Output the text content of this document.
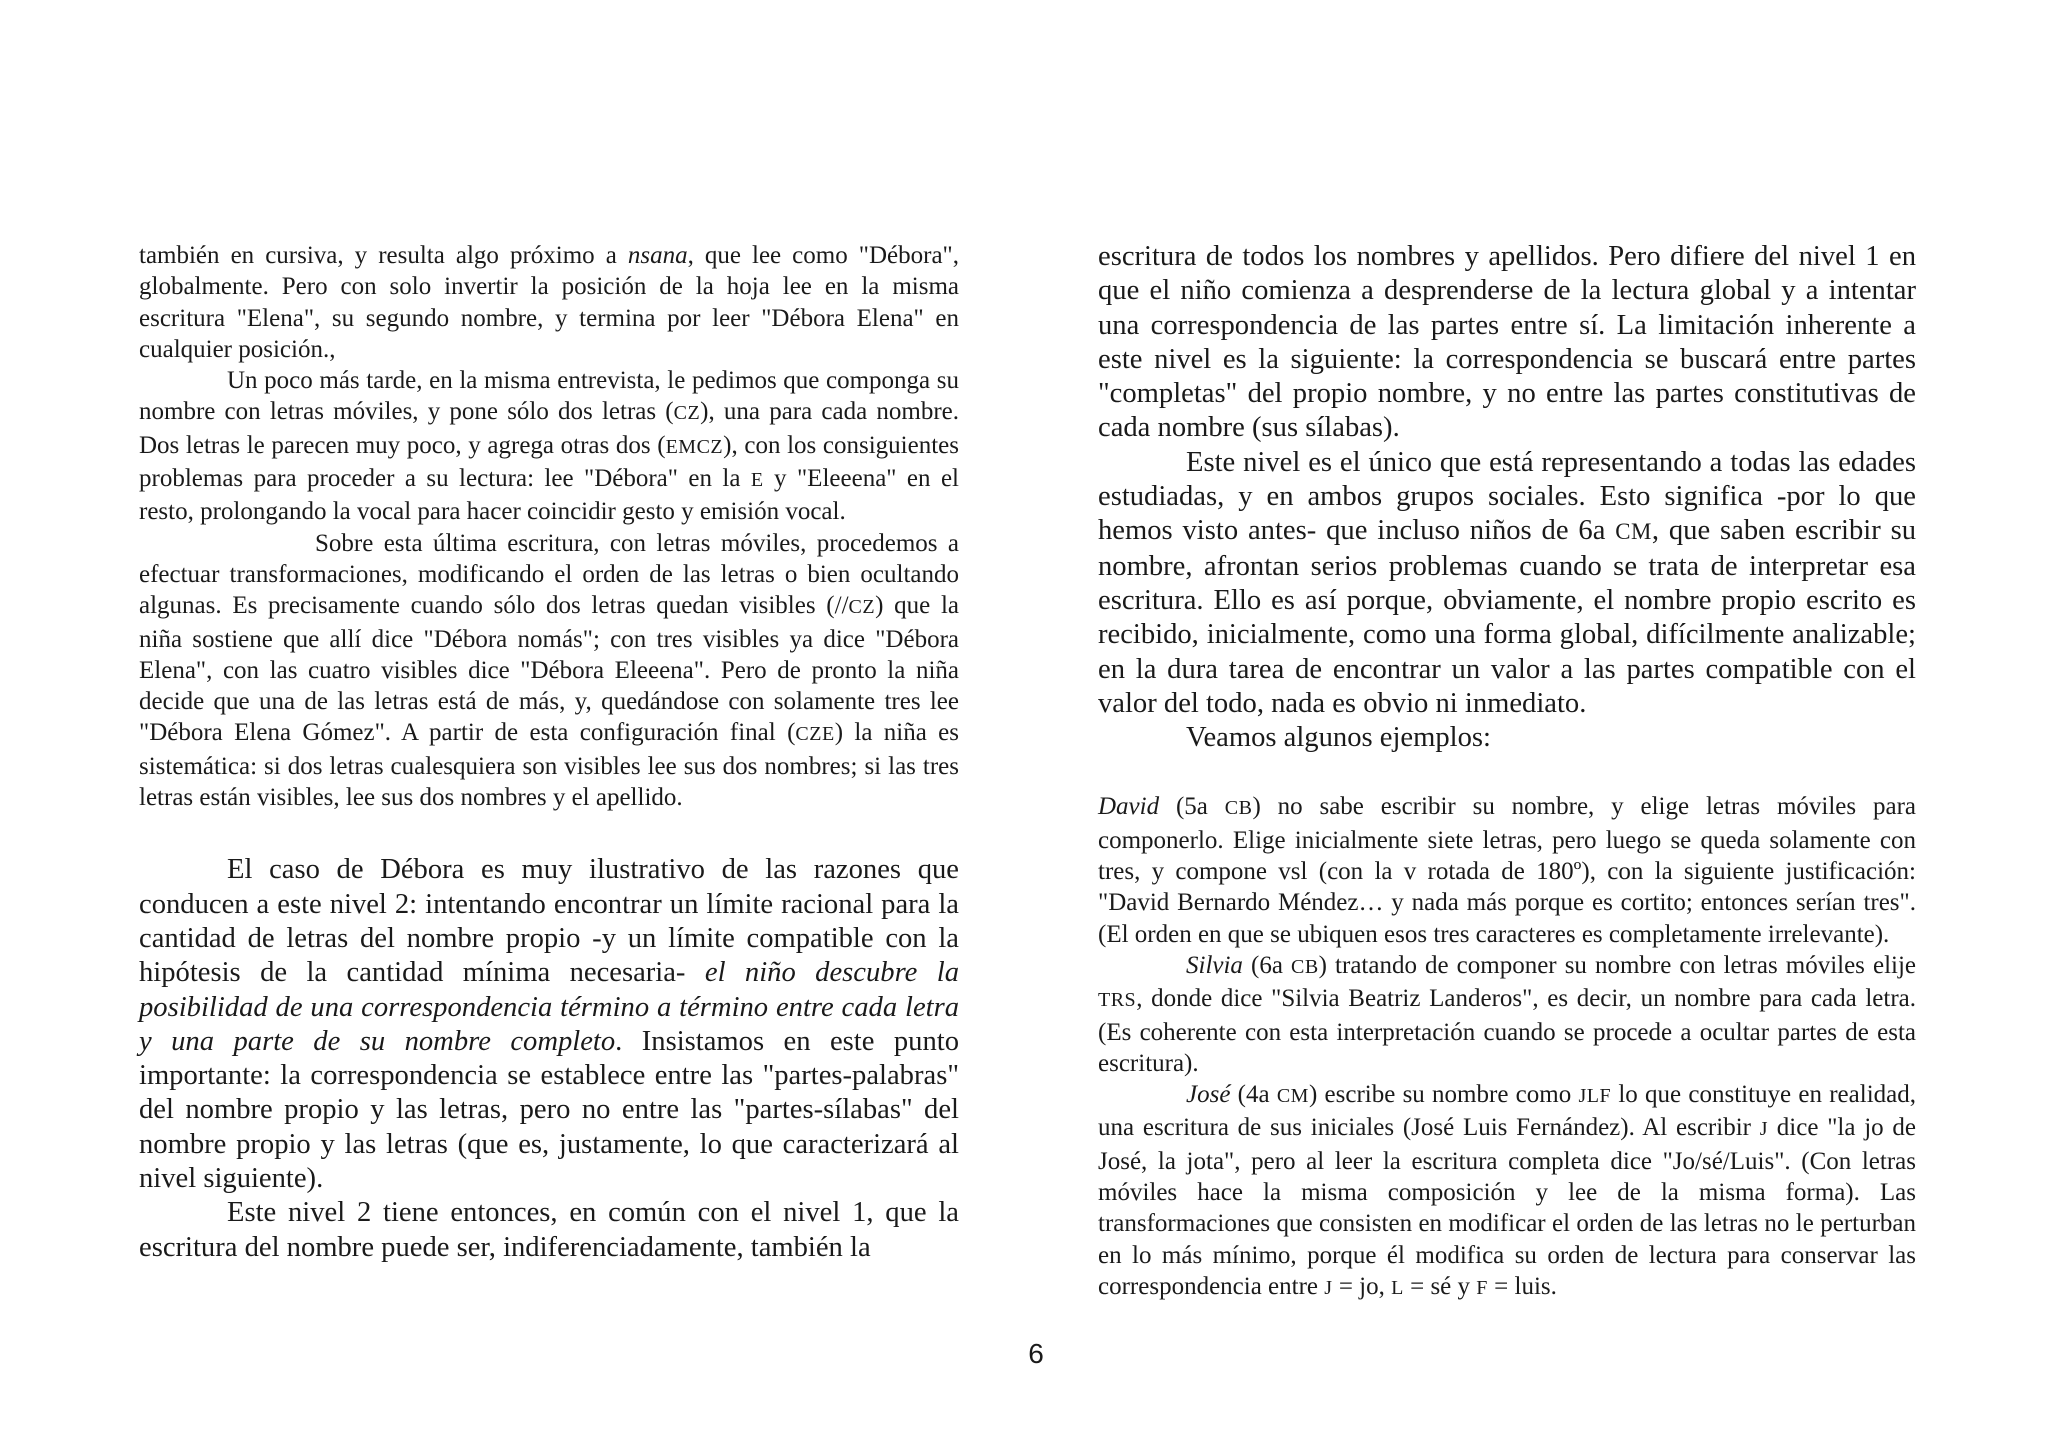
también en cursiva, y resulta algo próximo a nsana, que lee como "Débora", globalmente. Pero con solo invertir la posición de la hoja lee en la misma escritura "Elena", su segundo nombre, y termina por leer "Débora Elena" en cualquier posición.,

Un poco más tarde, en la misma entrevista, le pedimos que componga su nombre con letras móviles, y pone sólo dos letras (CZ), una para cada nombre. Dos letras le parecen muy poco, y agrega otras dos (EMCZ), con los consiguientes problemas para proceder a su lectura: lee "Débora" en la E y "Eleeena" en el resto, prolongando la vocal para hacer coincidir gesto y emisión vocal.

Sobre esta última escritura, con letras móviles, procedemos a efectuar transformaciones, modificando el orden de las letras o bien ocultando algunas. Es precisamente cuando sólo dos letras quedan visibles (//CZ) que la niña sostiene que allí dice "Débora nomás"; con tres visibles ya dice "Débora Elena", con las cuatro visibles dice "Débora Eleeena". Pero de pronto la niña decide que una de las letras está de más, y, quedándose con solamente tres lee "Débora Elena Gómez". A partir de esta configuración final (CZE) la niña es sistemática: si dos letras cualesquiera son visibles lee sus dos nombres; si las tres letras están visibles, lee sus dos nombres y el apellido.

El caso de Débora es muy ilustrativo de las razones que conducen a este nivel 2: intentando encontrar un límite racional para la cantidad de letras del nombre propio -y un límite compatible con la hipótesis de la cantidad mínima necesaria- el niño descubre la posibilidad de una correspondencia término a término entre cada letra y una parte de su nombre completo. Insistamos en este punto importante: la correspondencia se establece entre las "partes-palabras" del nombre propio y las letras, pero no entre las "partes-sílabas" del nombre propio y las letras (que es, justamente, lo que caracterizará al nivel siguiente).

Este nivel 2 tiene entonces, en común con el nivel 1, que la escritura del nombre puede ser, indiferenciadamente, también la

escritura de todos los nombres y apellidos. Pero difiere del nivel 1 en que el niño comienza a desprenderse de la lectura global y a intentar una correspondencia de las partes entre sí. La limitación inherente a este nivel es la siguiente: la correspondencia se buscará entre partes "completas" del propio nombre, y no entre las partes constitutivas de cada nombre (sus sílabas).

Este nivel es el único que está representando a todas las edades estudiadas, y en ambos grupos sociales. Esto significa -por lo que hemos visto antes- que incluso niños de 6a CM, que saben escribir su nombre, afrontan serios problemas cuando se trata de interpretar esa escritura. Ello es así porque, obviamente, el nombre propio escrito es recibido, inicialmente, como una forma global, difícilmente analizable; en la dura tarea de encontrar un valor a las partes compatible con el valor del todo, nada es obvio ni inmediato.

Veamos algunos ejemplos:

David (5a CB) no sabe escribir su nombre, y elige letras móviles para componerlo. Elige inicialmente siete letras, pero luego se queda solamente con tres, y compone vsl (con la v rotada de 180º), con la siguiente justificación: "David Bernardo Méndez… y nada más porque es cortito; entonces serían tres". (El orden en que se ubiquen esos tres caracteres es completamente irrelevante).

Silvia (6a CB) tratando de componer su nombre con letras móviles elije TRS, donde dice "Silvia Beatriz Landeros", es decir, un nombre para cada letra. (Es coherente con esta interpretación cuando se procede a ocultar partes de esta escritura).

José (4a CM) escribe su nombre como JLF lo que constituye en realidad, una escritura de sus iniciales (José Luis Fernández). Al escribir J dice "la jo de José, la jota", pero al leer la escritura completa dice "Jo/sé/Luis". (Con letras móviles hace la misma composición y lee de la misma forma). Las transformaciones que consisten en modificar el orden de las letras no le perturban en lo más mínimo, porque él modifica su orden de lectura para conservar las correspondencia entre J = jo, L = sé y F = luis.

6
